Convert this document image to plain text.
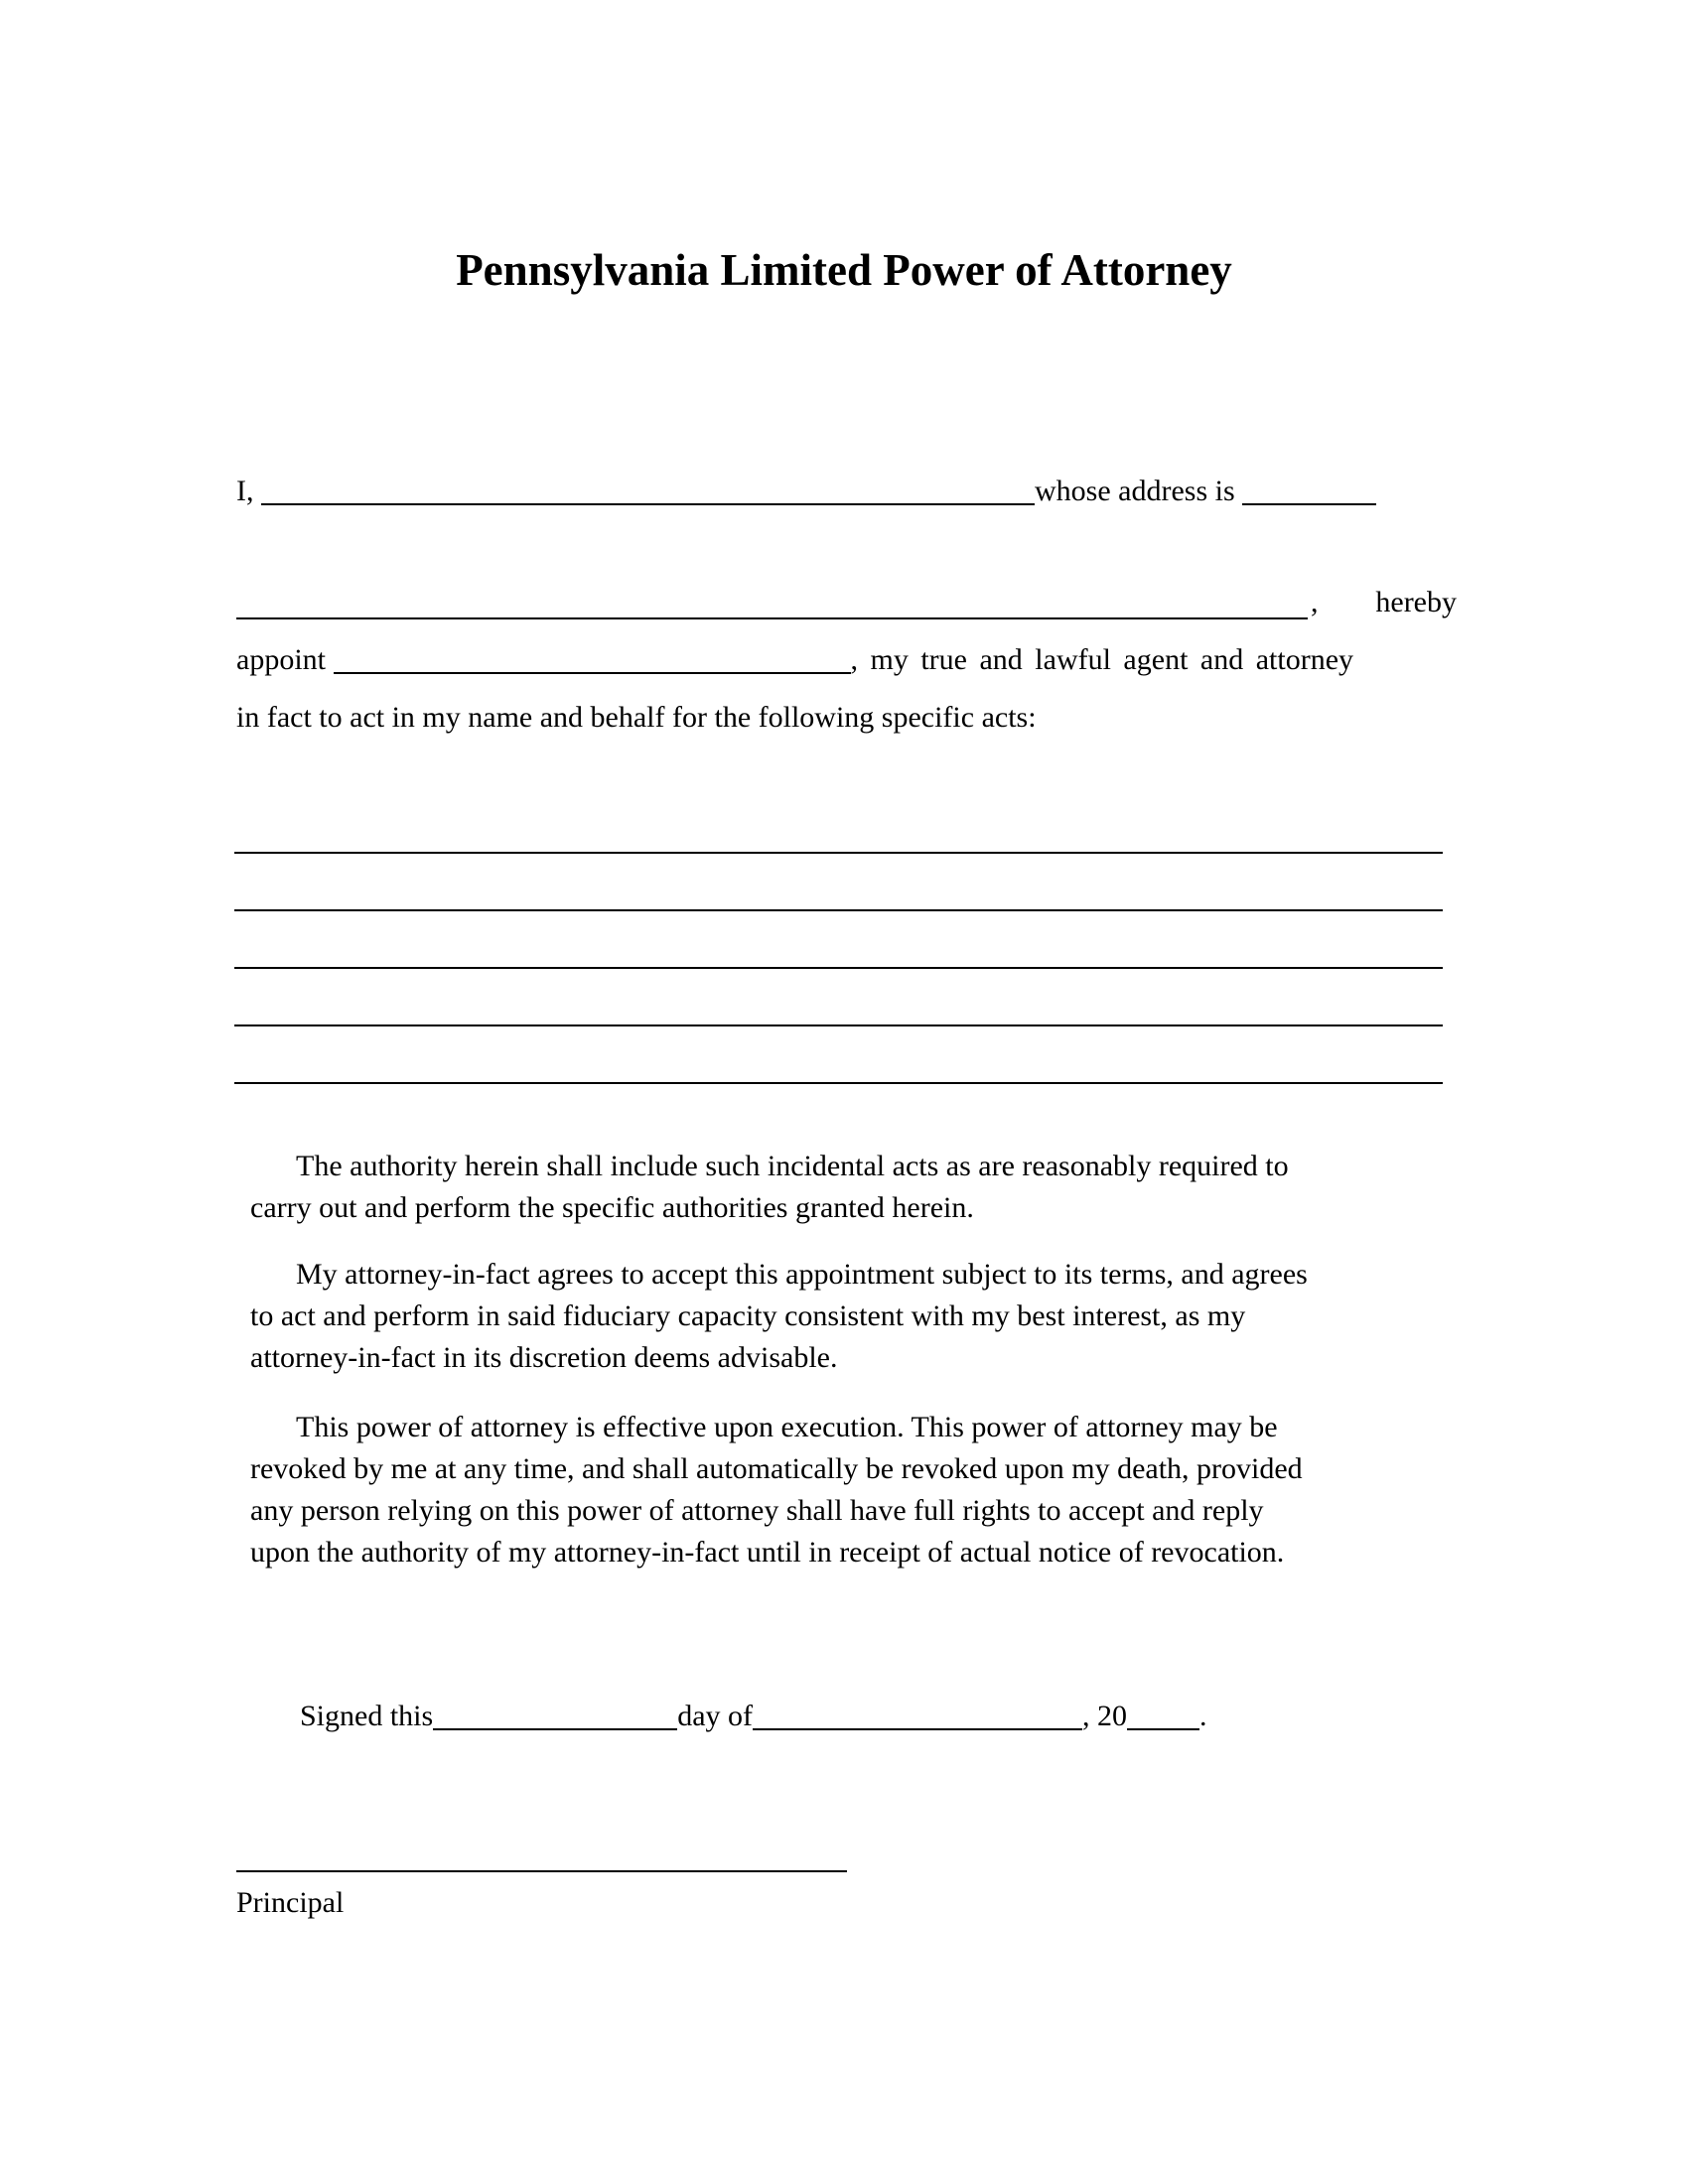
Pennsylvania Limited Power of Attorney
I,	whose address is
, hereby
appoint	, my true and lawful agent and attorney
in fact to act in my name and behalf for the following specific acts:
The authority herein shall include such incidental acts as are reasonably required to
carry out and perform the specific authorities granted herein.
My attorney-in-fact agrees to accept this appointment subject to its terms, and agrees
to act and perform in said fiduciary capacity consistent with my best interest, as my
attorney-in-fact in its discretion deems advisable.
This power of attorney is effective upon execution. This power of attorney may be
revoked by me at any time, and shall automatically be revoked upon my death, provided
any person relying on this power of attorney shall have full rights to accept and reply
upon the authority of my attorney-in-fact until in receipt of actual notice of revocation.
Signed this	day of	, 20 .
Principal
